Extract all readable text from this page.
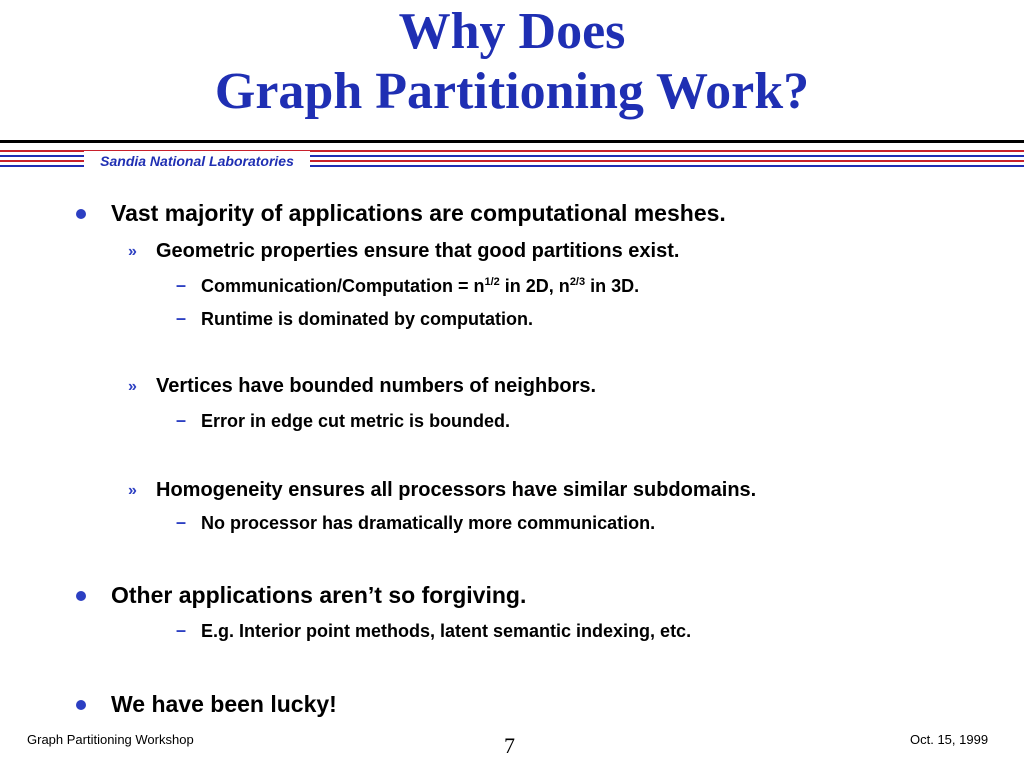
Why Does
Graph Partitioning Work?
Sandia National Laboratories
Vast majority of applications are computational meshes.
» Geometric properties ensure that good partitions exist.
– Communication/Computation = $n^{1/2}$ in 2D, $n^{2/3}$ in 3D.
– Runtime is dominated by computation.
» Vertices have bounded numbers of neighbors.
– Error in edge cut metric is bounded.
» Homogeneity ensures all processors have similar subdomains.
– No processor has dramatically more communication.
Other applications aren’t so forgiving.
– E.g. Interior point methods, latent semantic indexing, etc.
We have been lucky!
Graph Partitioning Workshop	7	Oct. 15, 1999
